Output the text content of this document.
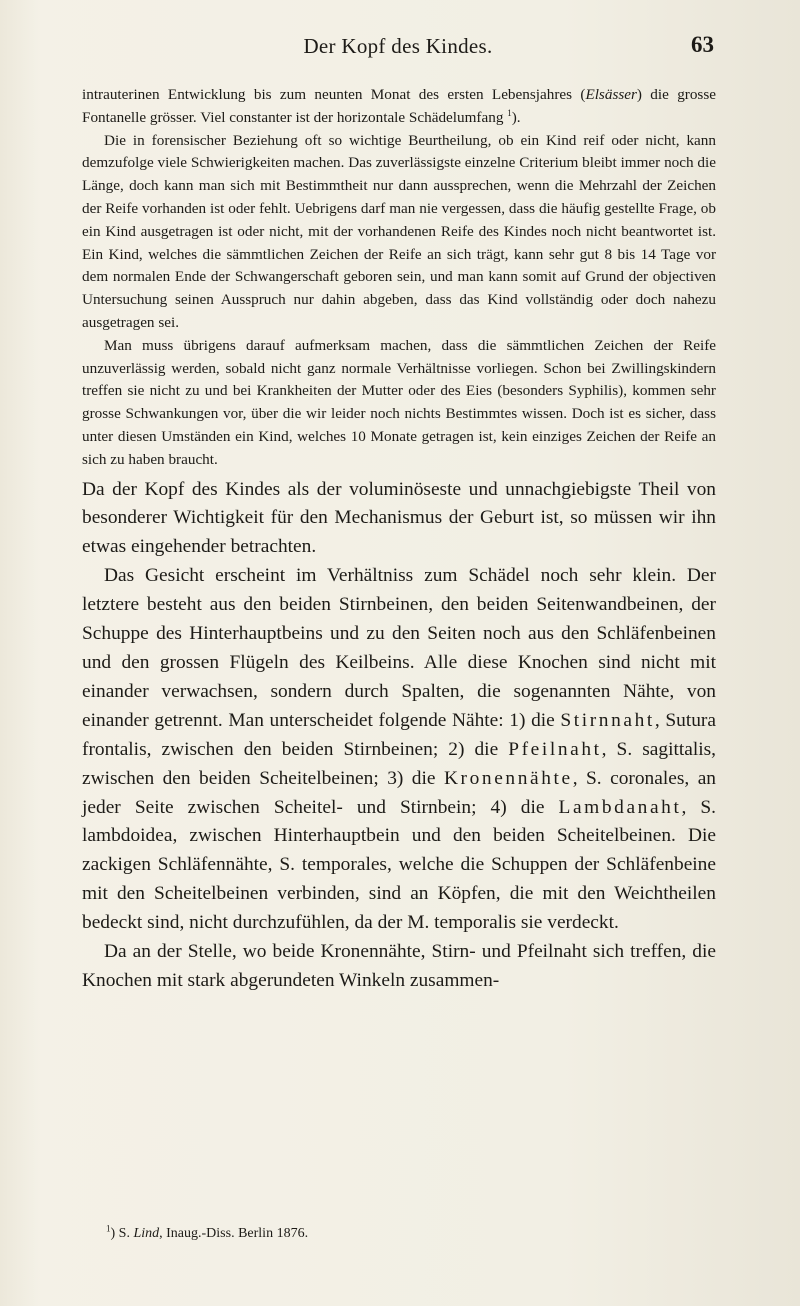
Der Kopf des Kindes.	63

intrauterinen Entwicklung bis zum neunten Monat des ersten Lebensjahres (Elsässer) die grosse Fontanelle grösser. Viel constanter ist der horizontale Schädelumfang $^1$).

Die in forensischer Beziehung oft so wichtige Beurtheilung, ob ein Kind reif oder nicht, kann demzufolge viele Schwierigkeiten machen. Das zuverlässigste einzelne Criterium bleibt immer noch die Länge, doch kann man sich mit Bestimmtheit nur dann aussprechen, wenn die Mehrzahl der Zeichen der Reife vorhanden ist oder fehlt. Uebrigens darf man nie vergessen, dass die häufig gestellte Frage, ob ein Kind ausgetragen ist oder nicht, mit der vorhandenen Reife des Kindes noch nicht beantwortet ist. Ein Kind, welches die sämmtlichen Zeichen der Reife an sich trägt, kann sehr gut 8 bis 14 Tage vor dem normalen Ende der Schwangerschaft geboren sein, und man kann somit auf Grund der objectiven Untersuchung seinen Ausspruch nur dahin abgeben, dass das Kind vollständig oder doch nahezu ausgetragen sei.

Man muss übrigens darauf aufmerksam machen, dass die sämmtlichen Zeichen der Reife unzuverlässig werden, sobald nicht ganz normale Verhältnisse vorliegen. Schon bei Zwillingskindern treffen sie nicht zu und bei Krankheiten der Mutter oder des Eies (besonders Syphilis), kommen sehr grosse Schwankungen vor, über die wir leider noch nichts Bestimmtes wissen. Doch ist es sicher, dass unter diesen Umständen ein Kind, welches 10 Monate getragen ist, kein einziges Zeichen der Reife an sich zu haben braucht.

Da der Kopf des Kindes als der voluminöseste und unnachgiebigste Theil von besonderer Wichtigkeit für den Mechanismus der Geburt ist, so müssen wir ihn etwas eingehender betrachten.

Das Gesicht erscheint im Verhältniss zum Schädel noch sehr klein. Der letztere besteht aus den beiden Stirnbeinen, den beiden Seitenwandbeinen, der Schuppe des Hinterhauptbeins und zu den Seiten noch aus den Schläfenbeinen und den grossen Flügeln des Keilbeins. Alle diese Knochen sind nicht mit einander verwachsen, sondern durch Spalten, die sogenannten Nähte, von einander getrennt. Man unterscheidet folgende Nähte: 1) die Stirnnaht, Sutura frontalis, zwischen den beiden Stirnbeinen; 2) die Pfeilnaht, S. sagittalis, zwischen den beiden Scheitelbeinen; 3) die Kronennähte, S. coronales, an jeder Seite zwischen Scheitel- und Stirnbein; 4) die Lambdanaht, S. lambdoidea, zwischen Hinterhauptbein und den beiden Scheitelbeinen. Die zackigen Schläfennähte, S. temporales, welche die Schuppen der Schläfenbeine mit den Scheitelbeinen verbinden, sind an Köpfen, die mit den Weichtheilen bedeckt sind, nicht durchzufühlen, da der M. temporalis sie verdeckt.

Da an der Stelle, wo beide Kronennähte, Stirn- und Pfeilnaht sich treffen, die Knochen mit stark abgerundeten Winkeln zusammen-

$^1$) S. Lind, Inaug.-Diss. Berlin 1876.
